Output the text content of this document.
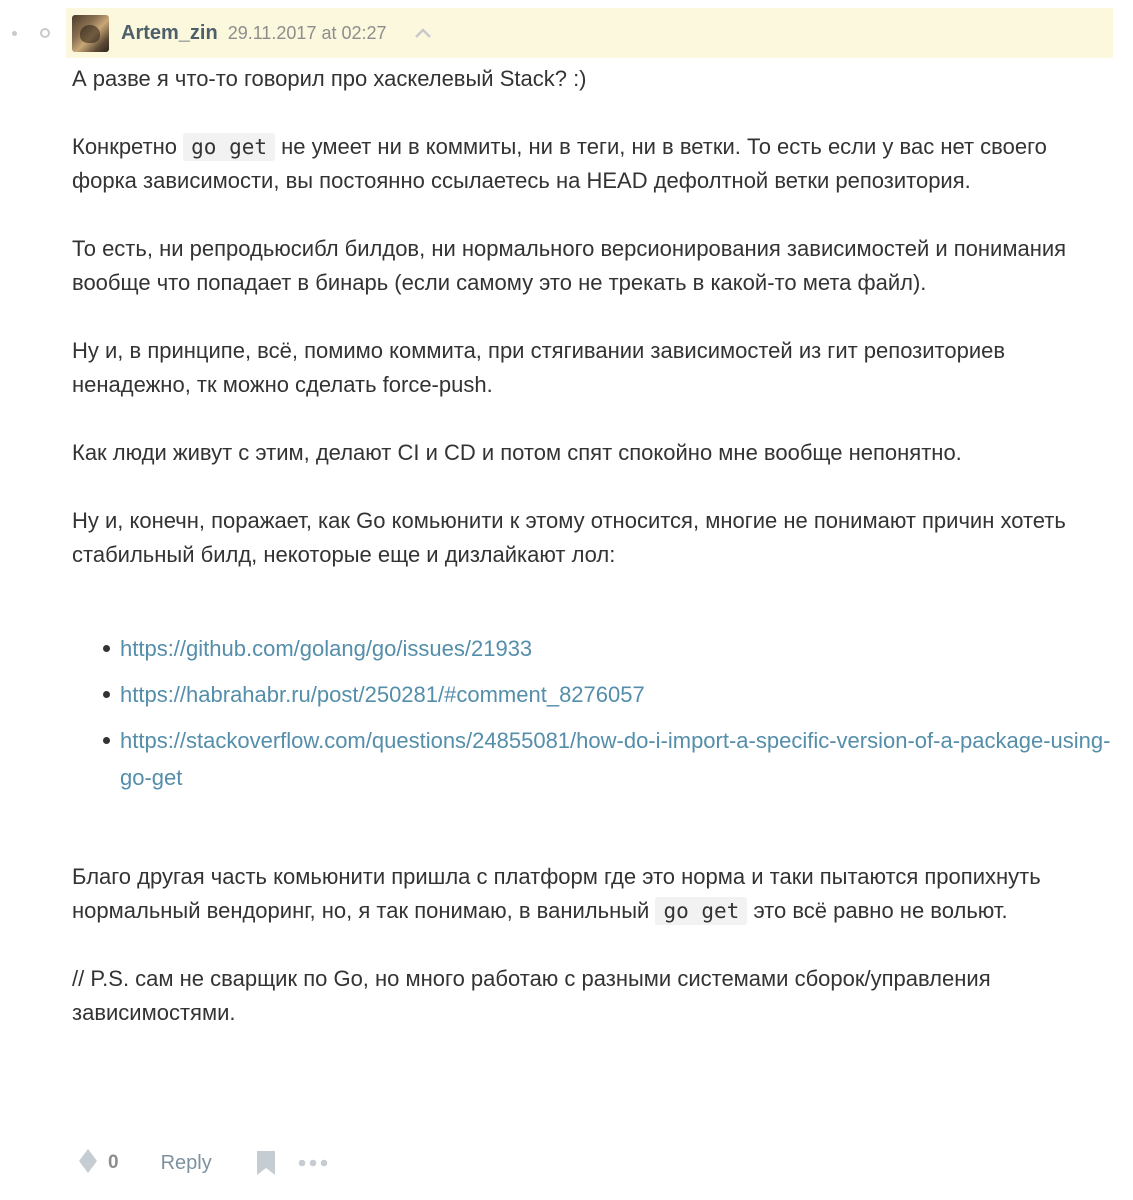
Artem_zin 29.11.2017 at 02:27

А разве я что-то говорил про хаскелевый Stack? :)

Конкретно go get не умеет ни в коммиты, ни в теги, ни в ветки. То есть если у вас нет своего форка зависимости, вы постоянно ссылаетесь на HEAD дефолтной ветки репозитория.

То есть, ни репродьюсибл билдов, ни нормального версионирования зависимостей и понимания вообще что попадает в бинарь (если самому это не трекать в какой-то мета файл).

Ну и, в принципе, всё, помимо коммита, при стягивании зависимостей из гит репозиториев ненадежно, тк можно сделать force-push.

Как люди живут с этим, делают CI и CD и потом спят спокойно мне вообще непонятно.

Ну и, конечн, поражает, как Go комьюнити к этому относится, многие не понимают причин хотеть стабильный билд, некоторые еще и дизлайкают лол:

https://github.com/golang/go/issues/21933
https://habrahabr.ru/post/250281/#comment_8276057
https://stackoverflow.com/questions/24855081/how-do-i-import-a-specific-version-of-a-package-using-go-get

Благо другая часть комьюнити пришла с платформ где это норма и таки пытаются пропихнуть нормальный вендоринг, но, я так понимаю, в ванильный go get это всё равно не вольют.

// P.S. сам не сварщик по Go, но много работаю с разными системами сборок/управления зависимостями.

0 Reply
